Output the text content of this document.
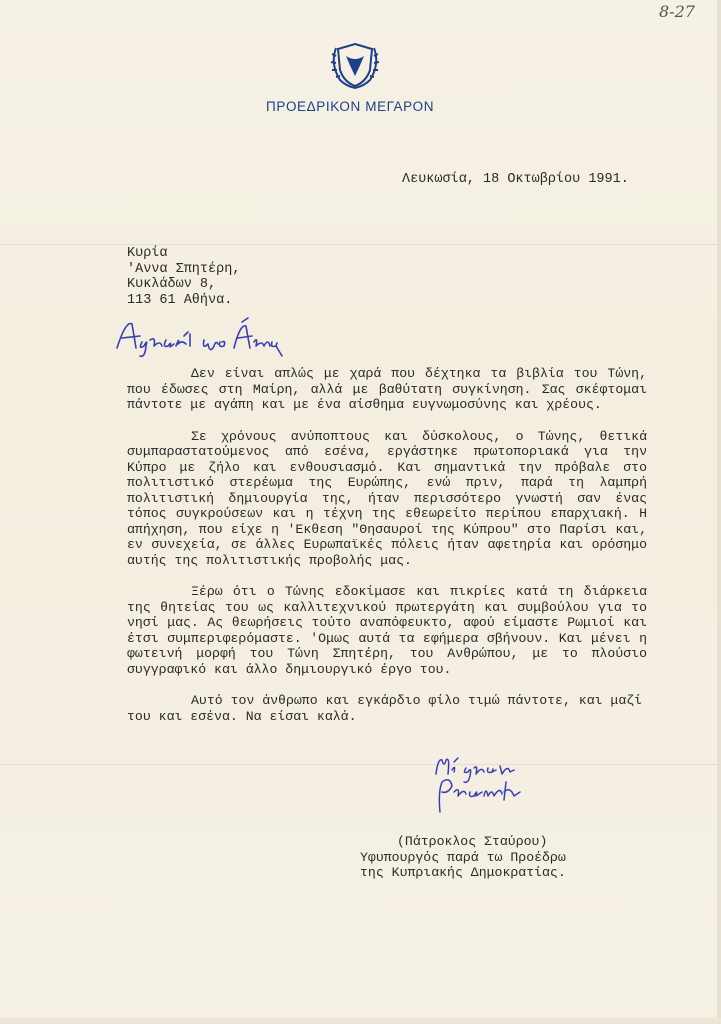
8-27
ΠΡΟΕΔΡΙΚΟΝ ΜΕΓΑΡΟΝ
Λευκωσία, 18 Οκτωβρίου 1991.
Κυρία
'Αννα Σπητέρη,
Κυκλάδων 8,
113 61 Αθήνα.

Δεν είναι απλώς με χαρά που δέχτηκα τα βιβλία του Τώνη, που έδωσες στη Μαίρη, αλλά με βαθύτατη συγκίνηση. Σας σκέφτομαι πάντοτε με αγάπη και με ένα αίσθημα ευγνωμοσύνης και χρέους.

Σε χρόνους ανύποπτους και δύσκολους, ο Τώνης, θετικά συμπαραστατούμενος από εσένα, εργάστηκε πρωτοποριακά για την Κύπρο με ζήλο και ενθουσιασμό. Και σημαντικά την πρόβαλε στο πολιτιστικό στερέωμα της Ευρώπης, ενώ πριν, παρά τη λαμπρή πολιτιστική δημιουργία της, ήταν περισσότερο γνωστή σαν ένας τόπος συγκρούσεων και η τέχνη της εθεωρείτο περίπου επαρχιακή. Η απήχηση, που είχε η 'Εκθεση "Θησαυροί της Κύπρου" στο Παρίσι και, εν συνεχεία, σε άλλες Ευρωπαϊκές πόλεις ήταν αφετηρία και ορόσημο αυτής της πολιτιστικής προβολής μας.

Ξέρω ότι ο Τώνης εδοκίμασε και πικρίες κατά τη διάρκεια της θητείας του ως καλλιτεχνικού πρωτεργάτη και συμβούλου για το νησί μας. Ας θεωρήσεις τούτο αναπόφευκτο, αφού είμαστε Ρωμιοί και έτσι συμπεριφερόμαστε. 'Ομως αυτά τα εφήμερα σβήνουν. Και μένει η φωτεινή μορφή του Τώνη Σπητέρη, του Ανθρώπου, με το πλούσιο συγγραφικό και άλλο δημιουργικό έργο του.

Αυτό τον άνθρωπο και εγκάρδιο φίλο τιμώ πάντοτε, και μαζί του και εσένα. Να είσαι καλά.

(Πάτροκλος Σταύρου)
Υφυπουργός παρά τω Προέδρω
της Κυπριακής Δημοκρατίας.
